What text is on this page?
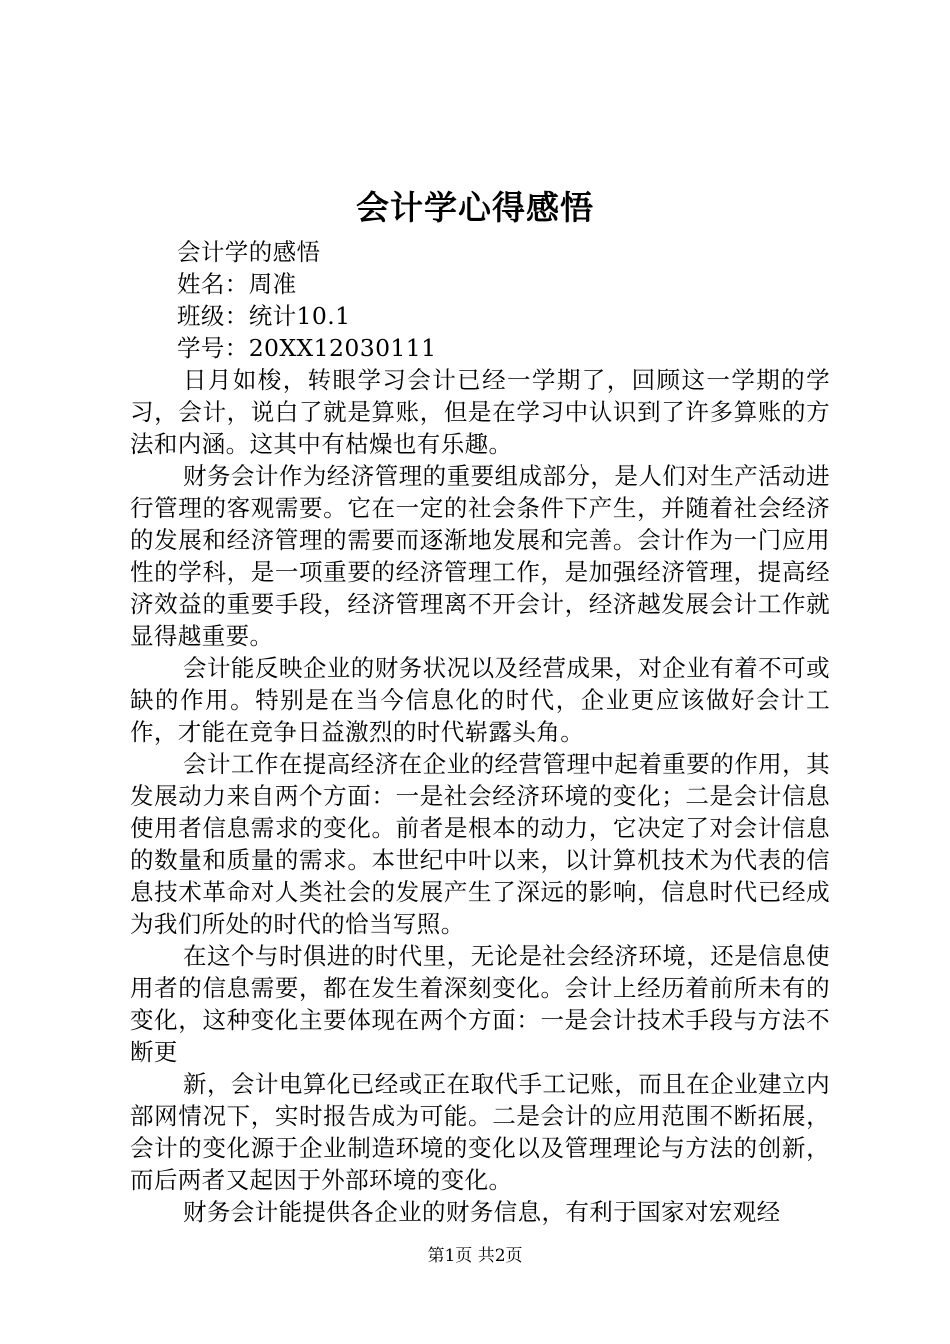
会计学心得感悟

会计学的感悟

姓名：周准

班级：统计10.1

学号：20XX12030111

日月如梭，转眼学习会计已经一学期了，回顾这一学期的学习，会计，说白了就是算账，但是在学习中认识到了许多算账的方法和内涵。这其中有枯燥也有乐趣。

财务会计作为经济管理的重要组成部分，是人们对生产活动进行管理的客观需要。它在一定的社会条件下产生，并随着社会经济的发展和经济管理的需要而逐渐地发展和完善。会计作为一门应用性的学科，是一项重要的经济管理工作，是加强经济管理，提高经济效益的重要手段，经济管理离不开会计，经济越发展会计工作就显得越重要。

会计能反映企业的财务状况以及经营成果，对企业有着不可或缺的作用。特别是在当今信息化的时代，企业更应该做好会计工作，才能在竞争日益激烈的时代崭露头角。

会计工作在提高经济在企业的经营管理中起着重要的作用，其发展动力来自两个方面：一是社会经济环境的变化；二是会计信息使用者信息需求的变化。前者是根本的动力，它决定了对会计信息的数量和质量的需求。本世纪中叶以来，以计算机技术为代表的信息技术革命对人类社会的发展产生了深远的影响，信息时代已经成为我们所处的时代的恰当写照。

在这个与时俱进的时代里，无论是社会经济环境，还是信息使用者的信息需要，都在发生着深刻变化。会计上经历着前所未有的变化，这种变化主要体现在两个方面：一是会计技术手段与方法不断更

新，会计电算化已经或正在取代手工记账，而且在企业建立内部网情况下，实时报告成为可能。二是会计的应用范围不断拓展，会计的变化源于企业制造环境的变化以及管理理论与方法的创新，而后两者又起因于外部环境的变化。

财务会计能提供各企业的财务信息，有利于国家对宏观经

第1页 共2页
